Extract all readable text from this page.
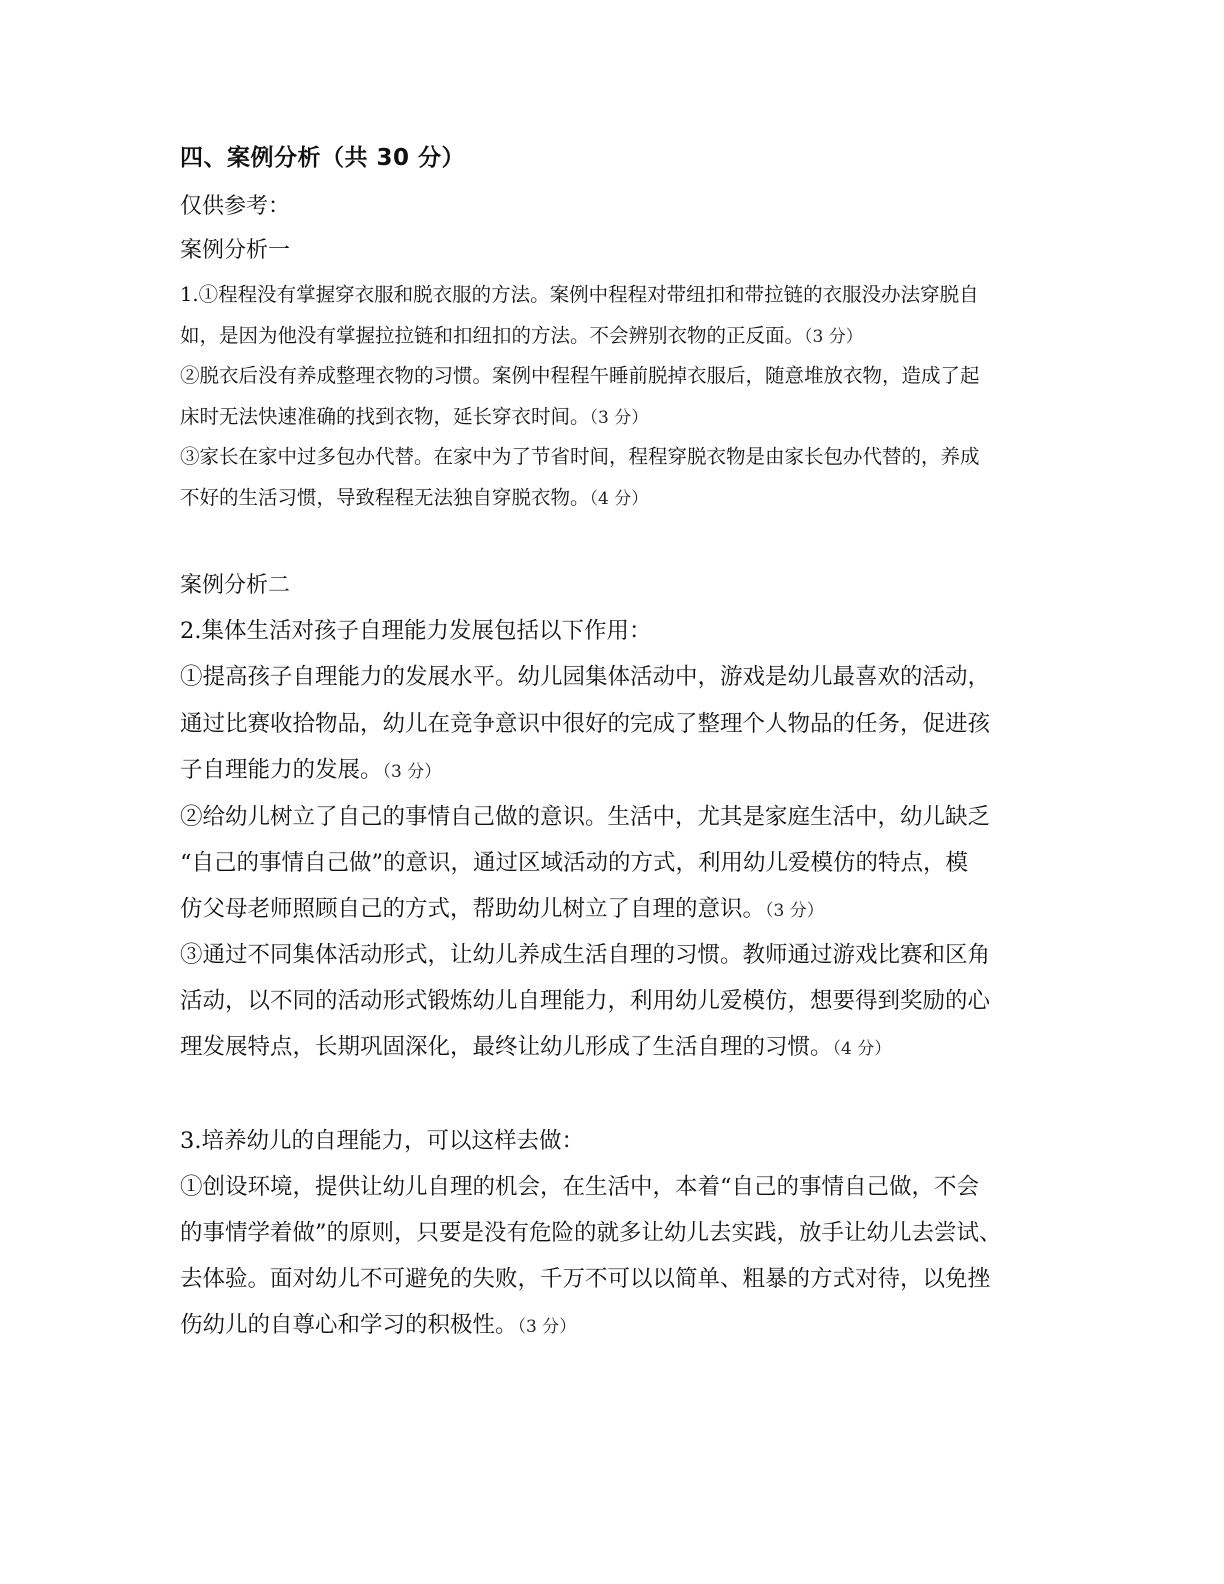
四、案例分析（共 30 分）
仅供参考：
案例分析一
1.①程程没有掌握穿衣服和脱衣服的方法。案例中程程对带纽扣和带拉链的衣服没办法穿脱自
如，是因为他没有掌握拉拉链和扣纽扣的方法。不会辨别衣物的正反面。（3 分）
②脱衣后没有养成整理衣物的习惯。案例中程程午睡前脱掉衣服后，随意堆放衣物，造成了起
床时无法快速准确的找到衣物，延长穿衣时间。（3 分）
③家长在家中过多包办代替。在家中为了节省时间，程程穿脱衣物是由家长包办代替的，养成
不好的生活习惯，导致程程无法独自穿脱衣物。（4 分）
案例分析二
2.集体生活对孩子自理能力发展包括以下作用：
①提高孩子自理能力的发展水平。幼儿园集体活动中，游戏是幼儿最喜欢的活动，
通过比赛收拾物品，幼儿在竞争意识中很好的完成了整理个人物品的任务，促进孩
子自理能力的发展。（3 分）
②给幼儿树立了自己的事情自己做的意识。生活中，尤其是家庭生活中，幼儿缺乏
“自己的事情自己做”的意识，通过区域活动的方式，利用幼儿爱模仿的特点，模
仿父母老师照顾自己的方式，帮助幼儿树立了自理的意识。（3 分）
③通过不同集体活动形式，让幼儿养成生活自理的习惯。教师通过游戏比赛和区角
活动，以不同的活动形式锻炼幼儿自理能力，利用幼儿爱模仿，想要得到奖励的心
理发展特点，长期巩固深化，最终让幼儿形成了生活自理的习惯。（4 分）
3.培养幼儿的自理能力，可以这样去做：
①创设环境，提供让幼儿自理的机会，在生活中，本着“自己的事情自己做，不会
的事情学着做”的原则，只要是没有危险的就多让幼儿去实践，放手让幼儿去尝试、
去体验。面对幼儿不可避免的失败，千万不可以以简单、粗暴的方式对待，以免挫
伤幼儿的自尊心和学习的积极性。（3 分）
